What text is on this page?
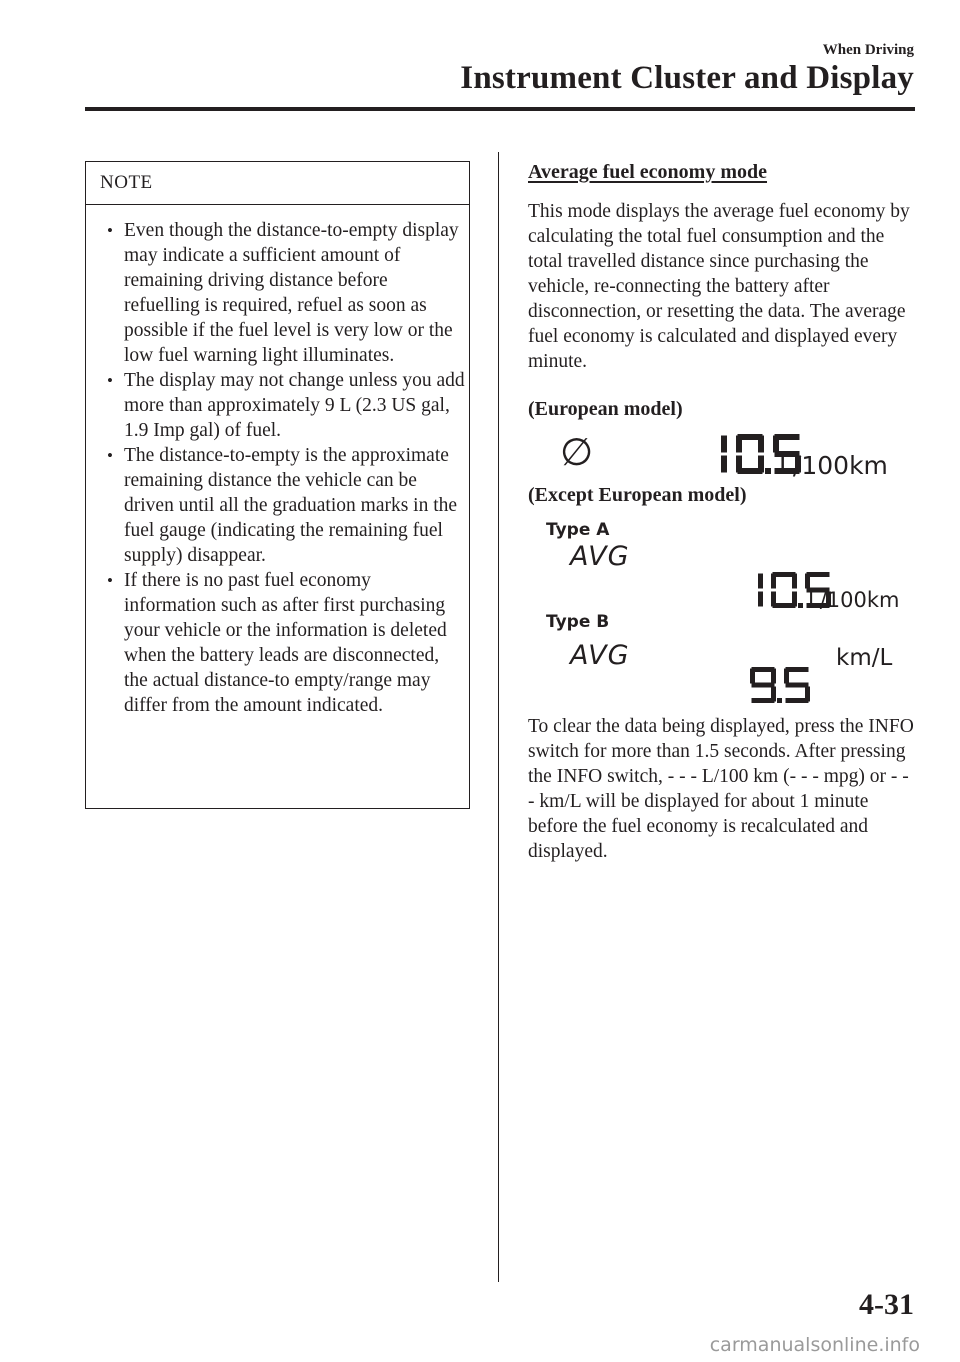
When Driving
Instrument Cluster and Display
NOTE
• Even though the distance-to-empty display may indicate a sufficient amount of remaining driving distance before refuelling is required, refuel as soon as possible if the fuel level is very low or the low fuel warning light illuminates.
• The display may not change unless you add more than approximately 9 L (2.3 US gal, 1.9 Imp gal) of fuel.
• The distance-to-empty is the approximate remaining distance the vehicle can be driven until all the graduation marks in the fuel gauge (indicating the remaining fuel supply) disappear.
• If there is no past fuel economy information such as after first purchasing your vehicle or the information is deleted when the battery leads are disconnected, the actual distance-to empty/range may differ from the amount indicated.
Average fuel economy mode

This mode displays the average fuel economy by calculating the total fuel consumption and the total travelled distance since purchasing the vehicle, re-connecting the battery after disconnection, or resetting the data. The average fuel economy is calculated and displayed every minute.

(European model)
∅	L/100km
(Except European model)
Type A
AVG
L/100km
Type B
AVG	km/L

To clear the data being displayed, press the INFO switch for more than 1.5 seconds. After pressing the INFO switch, - - - L/100 km (- - - mpg) or - - - km/L will be displayed for about 1 minute before the fuel economy is recalculated and displayed.

4-31
carmanualsonline.info
